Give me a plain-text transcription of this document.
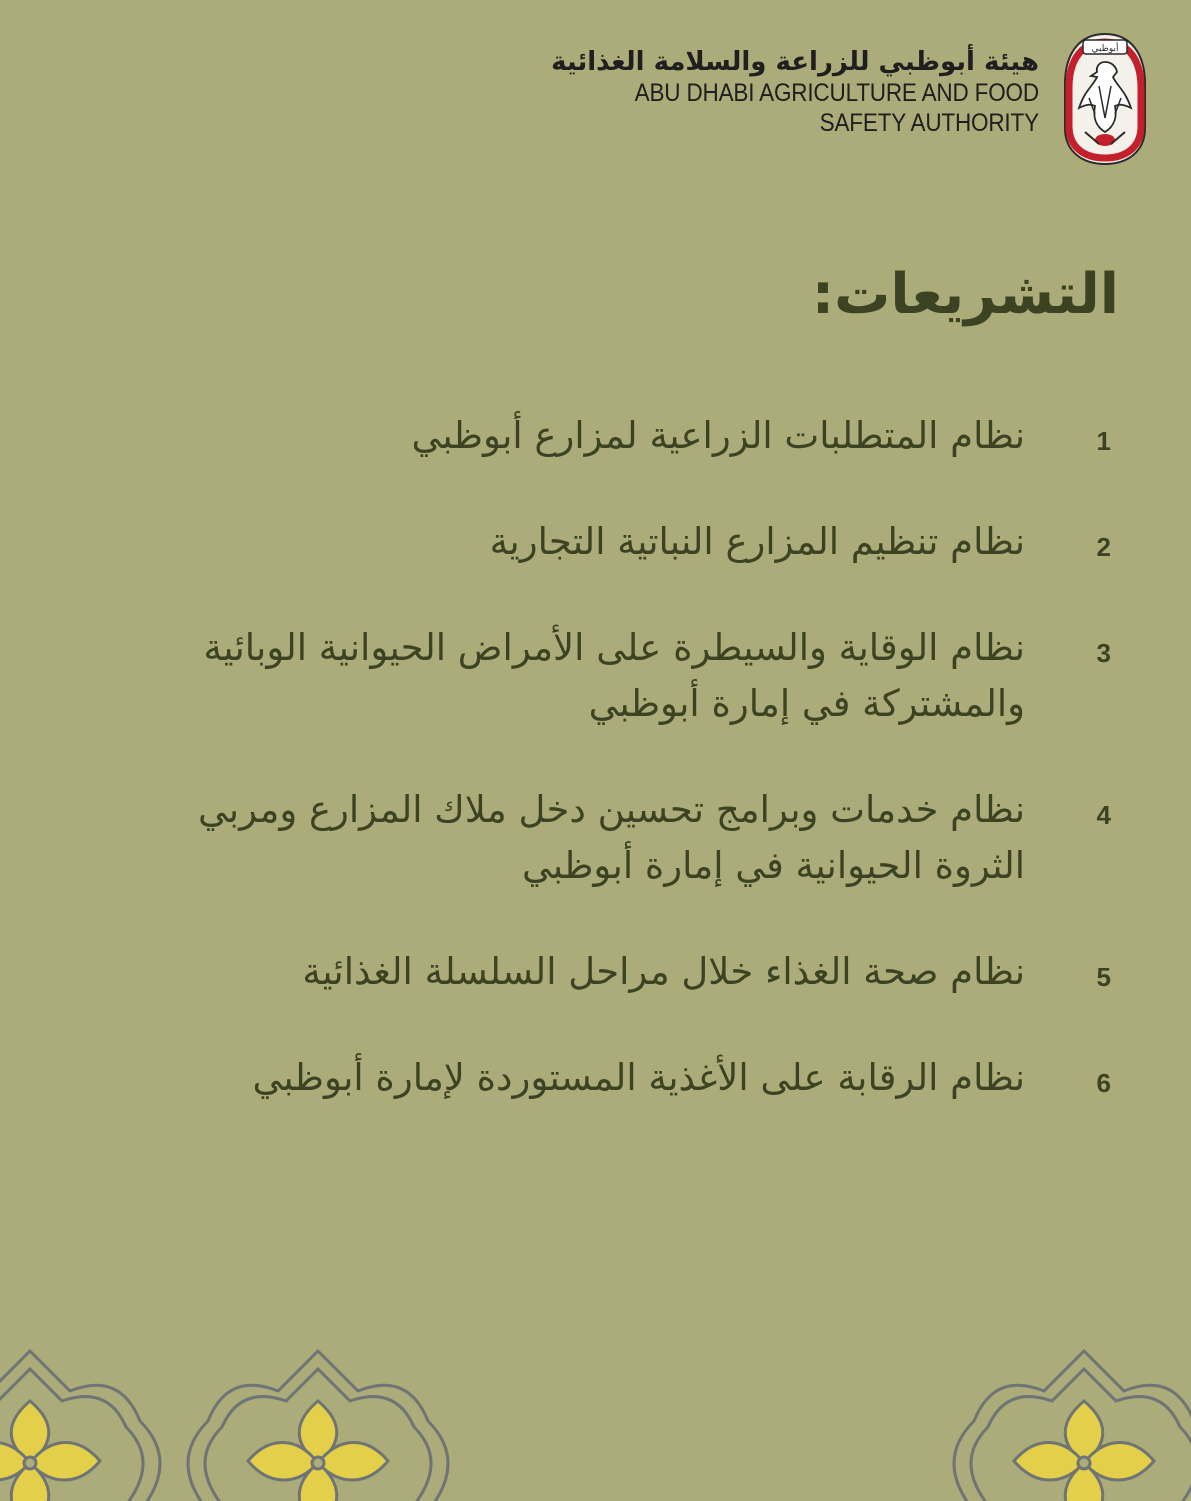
هيئة أبوظبي للزراعة والسلامة الغذائية
ABU DHABI AGRICULTURE AND FOOD
SAFETY AUTHORITY
أبوظبي
التشريعات:
1
نظام المتطلبات الزراعية لمزارع أبوظبي
2
نظام تنظيم المزارع النباتية التجارية
3
نظام الوقاية والسيطرة على الأمراض الحيوانية الوبائية والمشتركة في إمارة أبوظبي
4
نظام خدمات وبرامج تحسين دخل ملاك المزارع ومربي الثروة الحيوانية في إمارة أبوظبي
5
نظام صحة الغذاء خلال مراحل السلسلة الغذائية
6
نظام الرقابة على الأغذية المستوردة لإمارة أبوظبي
